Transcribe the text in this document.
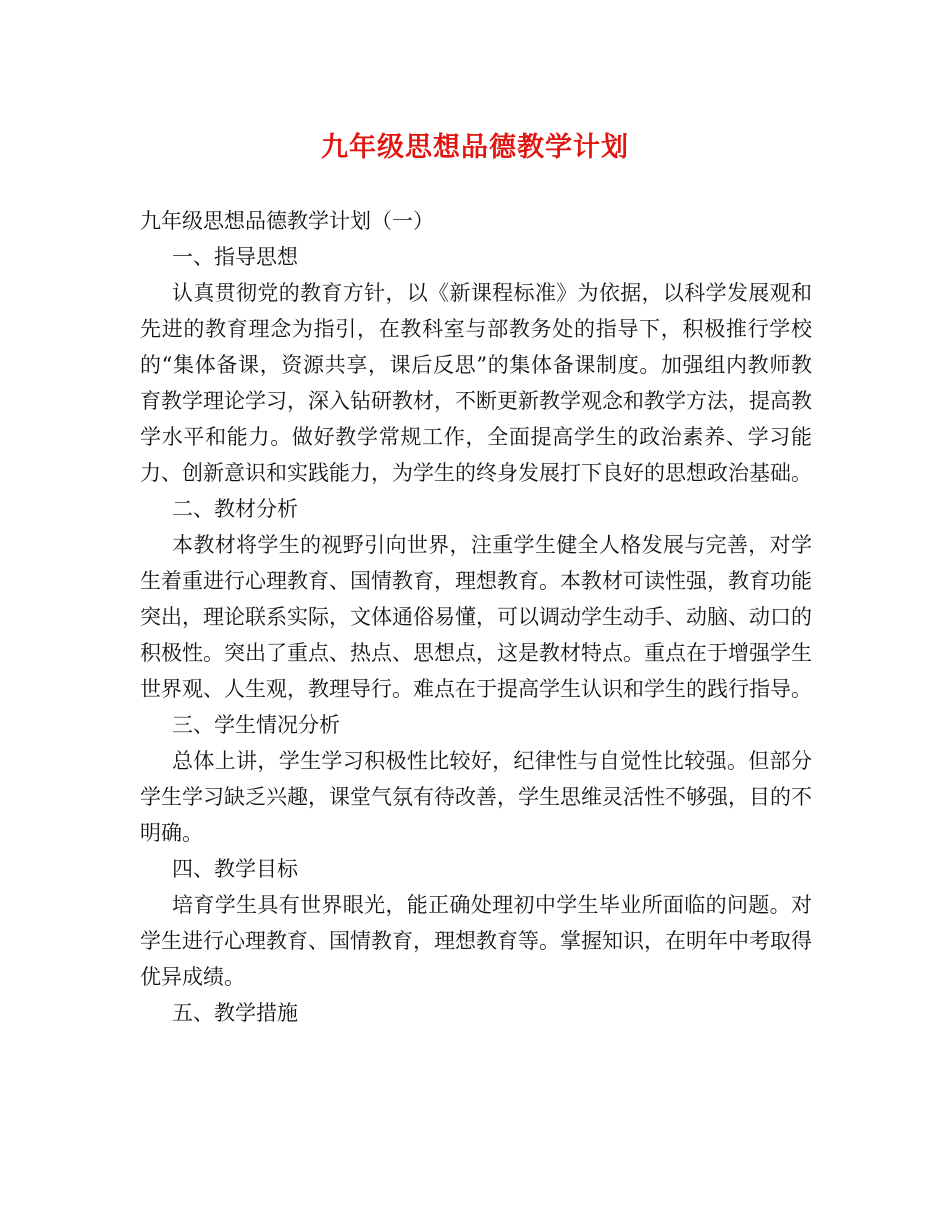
九年级思想品德教学计划

九年级思想品德教学计划（一）

一、指导思想

认真贯彻党的教育方针，以《新课程标准》为依据，以科学发展观和先进的教育理念为指引，在教科室与部教务处的指导下，积极推行学校的“集体备课，资源共享，课后反思”的集体备课制度。加强组内教师教育教学理论学习，深入钻研教材，不断更新教学观念和教学方法，提高教学水平和能力。做好教学常规工作，全面提高学生的政治素养、学习能力、创新意识和实践能力，为学生的终身发展打下良好的思想政治基础。

二、教材分析

本教材将学生的视野引向世界，注重学生健全人格发展与完善，对学生着重进行心理教育、国情教育，理想教育。本教材可读性强，教育功能突出，理论联系实际，文体通俗易懂，可以调动学生动手、动脑、动口的积极性。突出了重点、热点、思想点，这是教材特点。重点在于增强学生世界观、人生观，教理导行。难点在于提高学生认识和学生的践行指导。

三、学生情况分析

总体上讲，学生学习积极性比较好，纪律性与自觉性比较强。但部分学生学习缺乏兴趣，课堂气氛有待改善，学生思维灵活性不够强，目的不明确。

四、教学目标

培育学生具有世界眼光，能正确处理初中学生毕业所面临的问题。对学生进行心理教育、国情教育，理想教育等。掌握知识，在明年中考取得优异成绩。

五、教学措施
